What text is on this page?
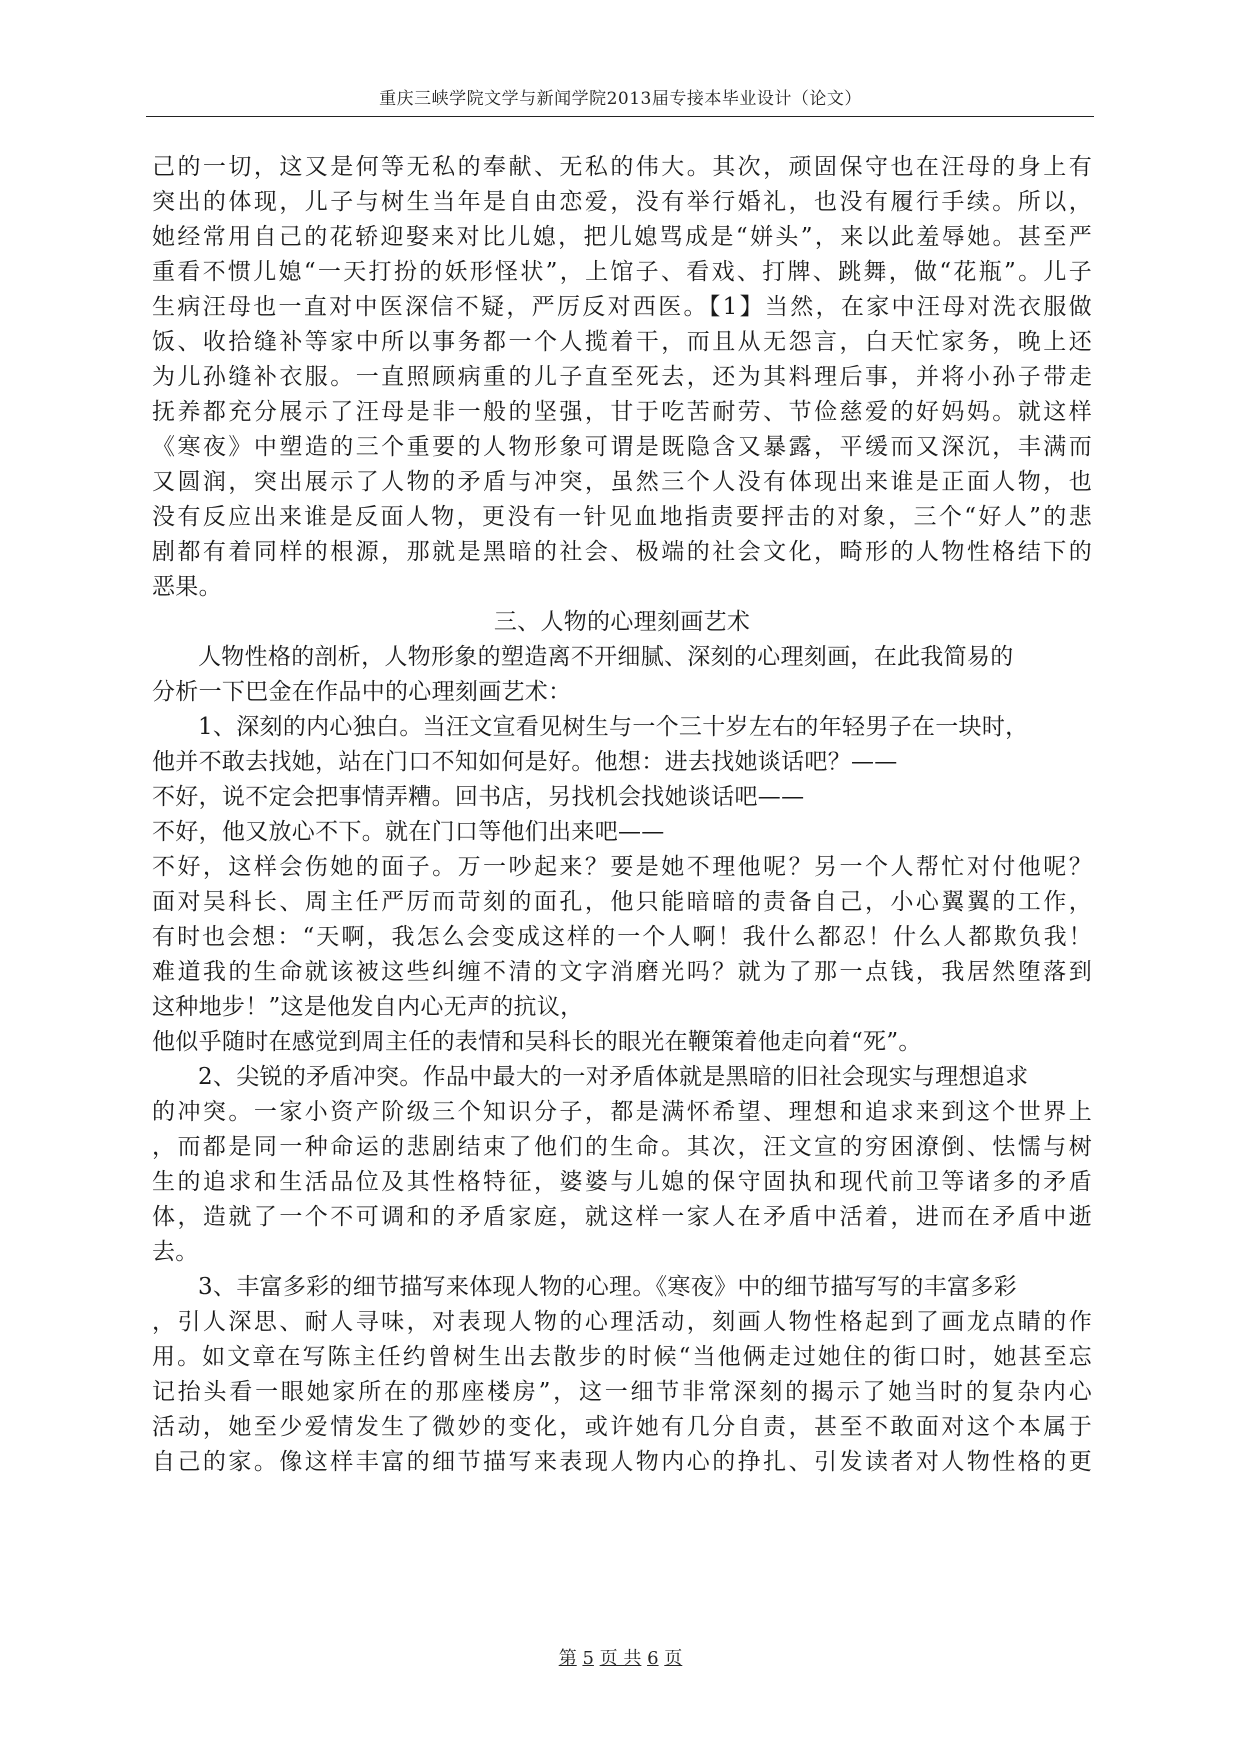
重庆三峡学院文学与新闻学院2013届专接本毕业设计（论文）
己的一切，这又是何等无私的奉献、无私的伟大。其次，顽固保守也在汪母的身上有
突出的体现，儿子与树生当年是自由恋爱，没有举行婚礼，也没有履行手续。所以，
她经常用自己的花轿迎娶来对比儿媳，把儿媳骂成是“姘头”，来以此羞辱她。甚至严
重看不惯儿媳“一天打扮的妖形怪状”，上馆子、看戏、打牌、跳舞，做“花瓶”。儿子
生病汪母也一直对中医深信不疑，严厉反对西医。【1】当然，在家中汪母对洗衣服做
饭、收拾缝补等家中所以事务都一个人揽着干，而且从无怨言，白天忙家务，晚上还
为儿孙缝补衣服。一直照顾病重的儿子直至死去，还为其料理后事，并将小孙子带走
抚养都充分展示了汪母是非一般的坚强，甘于吃苦耐劳、节俭慈爱的好妈妈。就这样
《寒夜》中塑造的三个重要的人物形象可谓是既隐含又暴露，平缓而又深沉，丰满而
又圆润，突出展示了人物的矛盾与冲突，虽然三个人没有体现出来谁是正面人物，也
没有反应出来谁是反面人物，更没有一针见血地指责要抨击的对象，三个“好人”的悲
剧都有着同样的根源，那就是黑暗的社会、极端的社会文化，畸形的人物性格结下的
恶果。
三、人物的心理刻画艺术
人物性格的剖析，人物形象的塑造离不开细腻、深刻的心理刻画，在此我简易的
分析一下巴金在作品中的心理刻画艺术：
1、深刻的内心独白。当汪文宣看见树生与一个三十岁左右的年轻男子在一块时，
他并不敢去找她，站在门口不知如何是好。他想：进去找她谈话吧？——
不好，说不定会把事情弄糟。回书店，另找机会找她谈话吧——
不好，他又放心不下。就在门口等他们出来吧——
不好，这样会伤她的面子。万一吵起来？要是她不理他呢？另一个人帮忙对付他呢？
面对吴科长、周主任严厉而苛刻的面孔，他只能暗暗的责备自己，小心翼翼的工作，
有时也会想：“天啊，我怎么会变成这样的一个人啊！我什么都忍！什么人都欺负我！
难道我的生命就该被这些纠缠不清的文字消磨光吗？就为了那一点钱，我居然堕落到
这种地步！”这是他发自内心无声的抗议，
他似乎随时在感觉到周主任的表情和吴科长的眼光在鞭策着他走向着“死”。
2、尖锐的矛盾冲突。作品中最大的一对矛盾体就是黑暗的旧社会现实与理想追求
的冲突。一家小资产阶级三个知识分子，都是满怀希望、理想和追求来到这个世界上
，而都是同一种命运的悲剧结束了他们的生命。其次，汪文宣的穷困潦倒、怯懦与树
生的追求和生活品位及其性格特征，婆婆与儿媳的保守固执和现代前卫等诸多的矛盾
体，造就了一个不可调和的矛盾家庭，就这样一家人在矛盾中活着，进而在矛盾中逝
去。
3、丰富多彩的细节描写来体现人物的心理。《寒夜》中的细节描写写的丰富多彩
，引人深思、耐人寻味，对表现人物的心理活动，刻画人物性格起到了画龙点睛的作
用。如文章在写陈主任约曾树生出去散步的时候“当他俩走过她住的街口时，她甚至忘
记抬头看一眼她家所在的那座楼房”，这一细节非常深刻的揭示了她当时的复杂内心
活动，她至少爱情发生了微妙的变化，或许她有几分自责，甚至不敢面对这个本属于
自己的家。像这样丰富的细节描写来表现人物内心的挣扎、引发读者对人物性格的更
第 5 页 共 6 页
